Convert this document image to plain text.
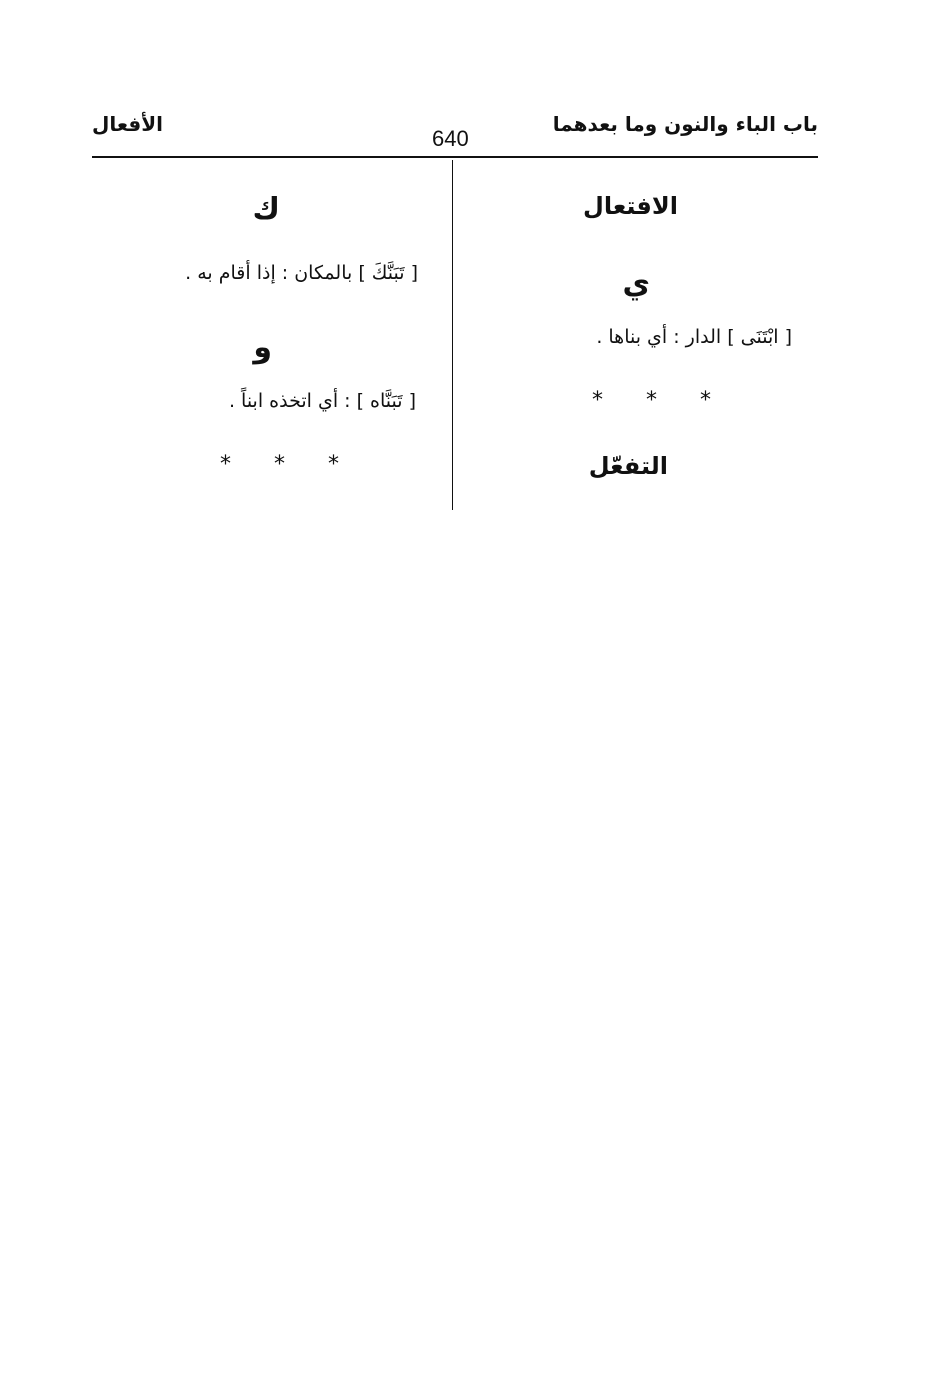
باب الباء والنون وما بعدهما
640
الأفعال
الافتعال
ي
[ ابْتَنَى ] الدار : أي بناها .
* * *
التفعّل
ك
[ تَبَنَّكَ ] بالمكان : إذا أقام به .
و
[ تَبَنَّاه ] : أي اتخذه ابناً .
* * *
